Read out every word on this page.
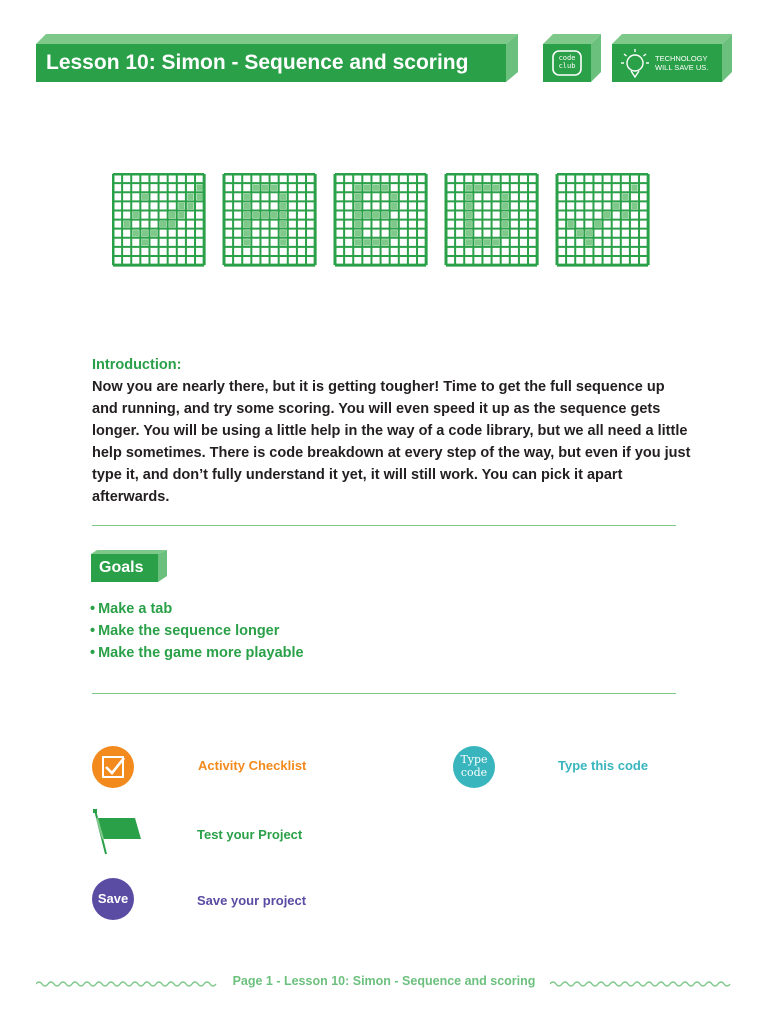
Lesson 10: Simon - Sequence and scoring	code
club
TECHNOLOGY
WILL SAVE US.
Introduction:
Now you are nearly there, but it is getting tougher! Time to get the full sequence up and running, and try some scoring. You will even speed it up as the sequence gets longer. You will be using a little help in the way of a code library, but we all need a little help sometimes. There is code breakdown at every step of the way, but even if you just type it, and don’t fully understand it yet, it will still work. You can pick it apart afterwards.
Goals
• Make a tab
• Make the sequence longer
• Make the game more playable
Activity Checklist	Type
code	Type this code
Test your Project
Save	Save your project
Page 1 - Lesson 10: Simon - Sequence and scoring
